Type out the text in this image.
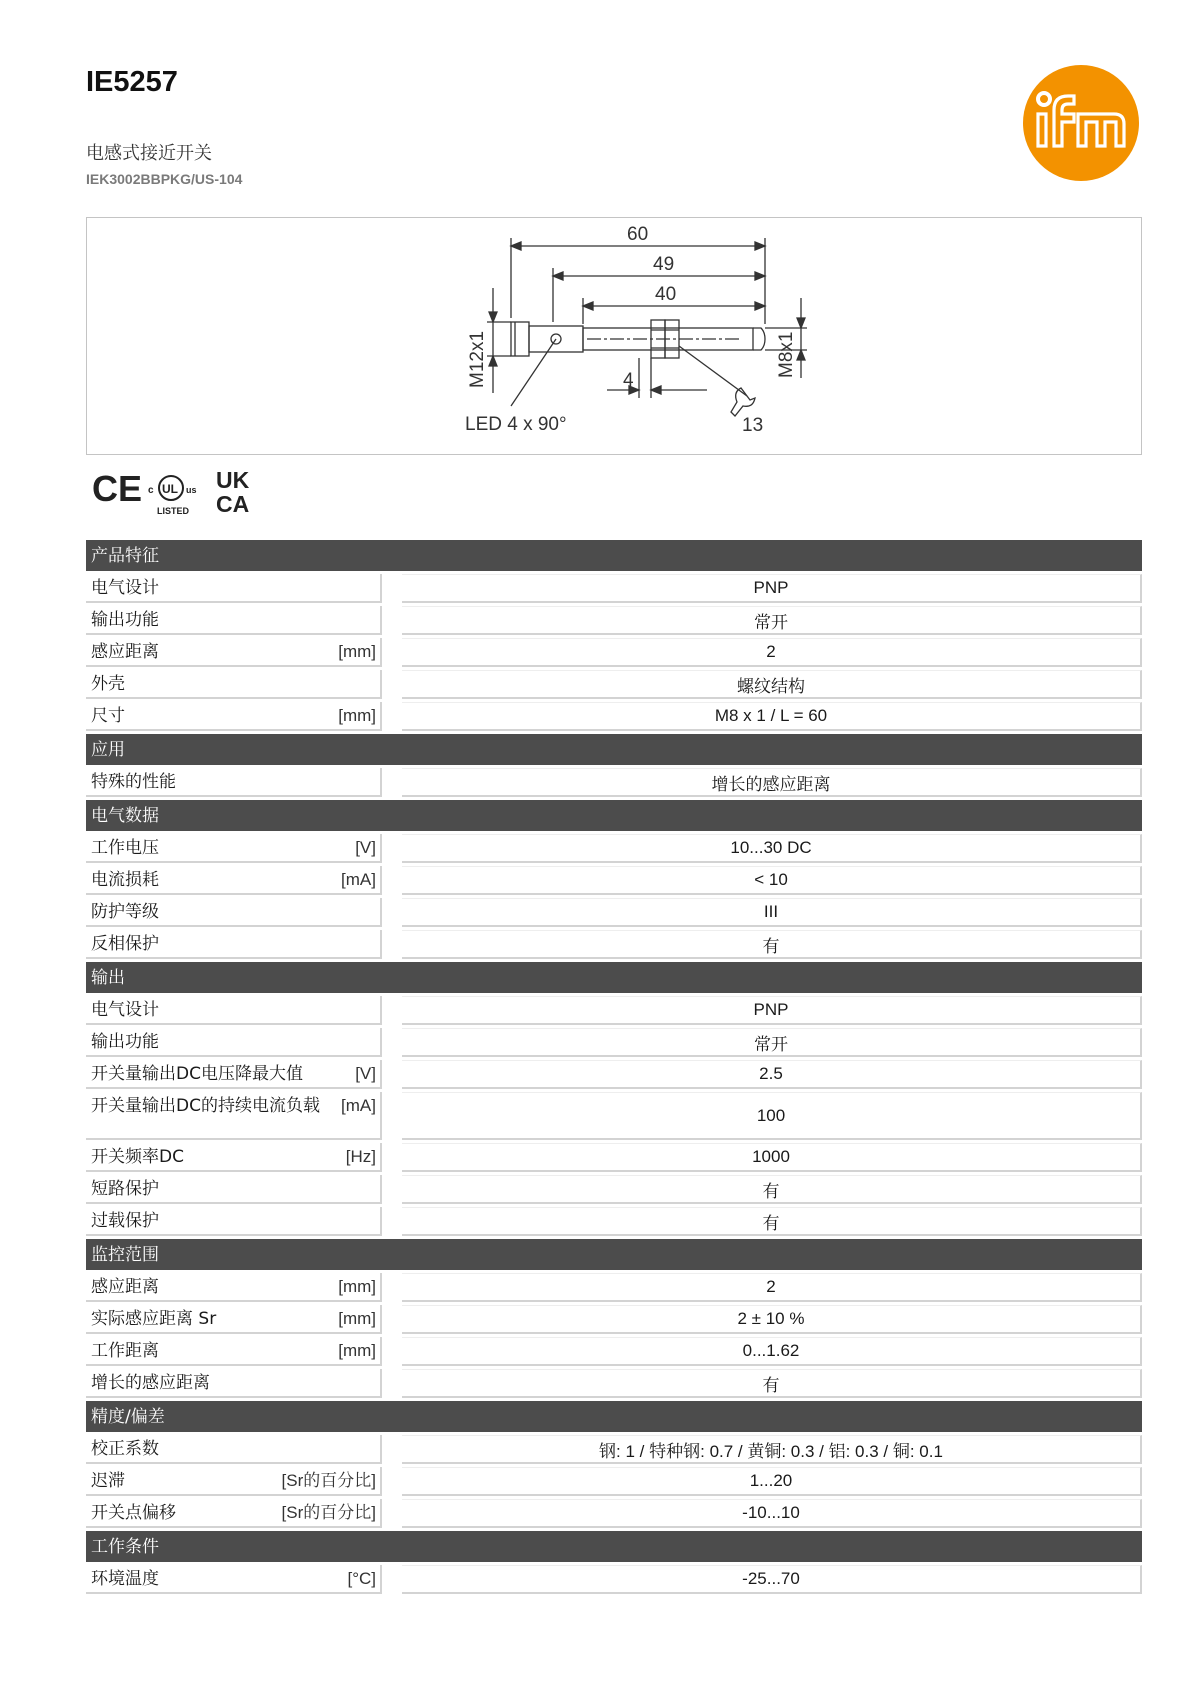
IE5257
电感式接近开关
IEK3002BBPKG/US-104
60
49
40
4
LED 4 x 90°	13
M12x1	M8x1
CE c UL us
LISTED
UK
CA
产品特征
电气设计	PNP
输出功能	常开
感应距离	[mm]	2
外壳	螺纹结构
尺寸	[mm]	M8 x 1 / L = 60
应用
特殊的性能	增长的感应距离
电气数据
工作电压	[V]	10...30 DC
电流损耗	[mA]	< 10
防护等级	III
反相保护	有
输出
电气设计	PNP
输出功能	常开
开关量输出DC电压降最大值	[V]	2.5
开关量输出DC的持续电流负载 [mA]	100
开关频率DC	[Hz]	1000
短路保护	有
过载保护	有
监控范围
感应距离	[mm]	2
实际感应距离 Sr	[mm]	2 ± 10 %
工作距离	[mm]	0...1.62
增长的感应距离	有
精度/偏差
校正系数	钢: 1 / 特种钢: 0.7 / 黄铜: 0.3 / 铝: 0.3 / 铜: 0.1
迟滞	[Sr的百分比]	1...20
开关点偏移	[Sr的百分比]	-10...10
工作条件
环境温度	[°C]	-25...70
